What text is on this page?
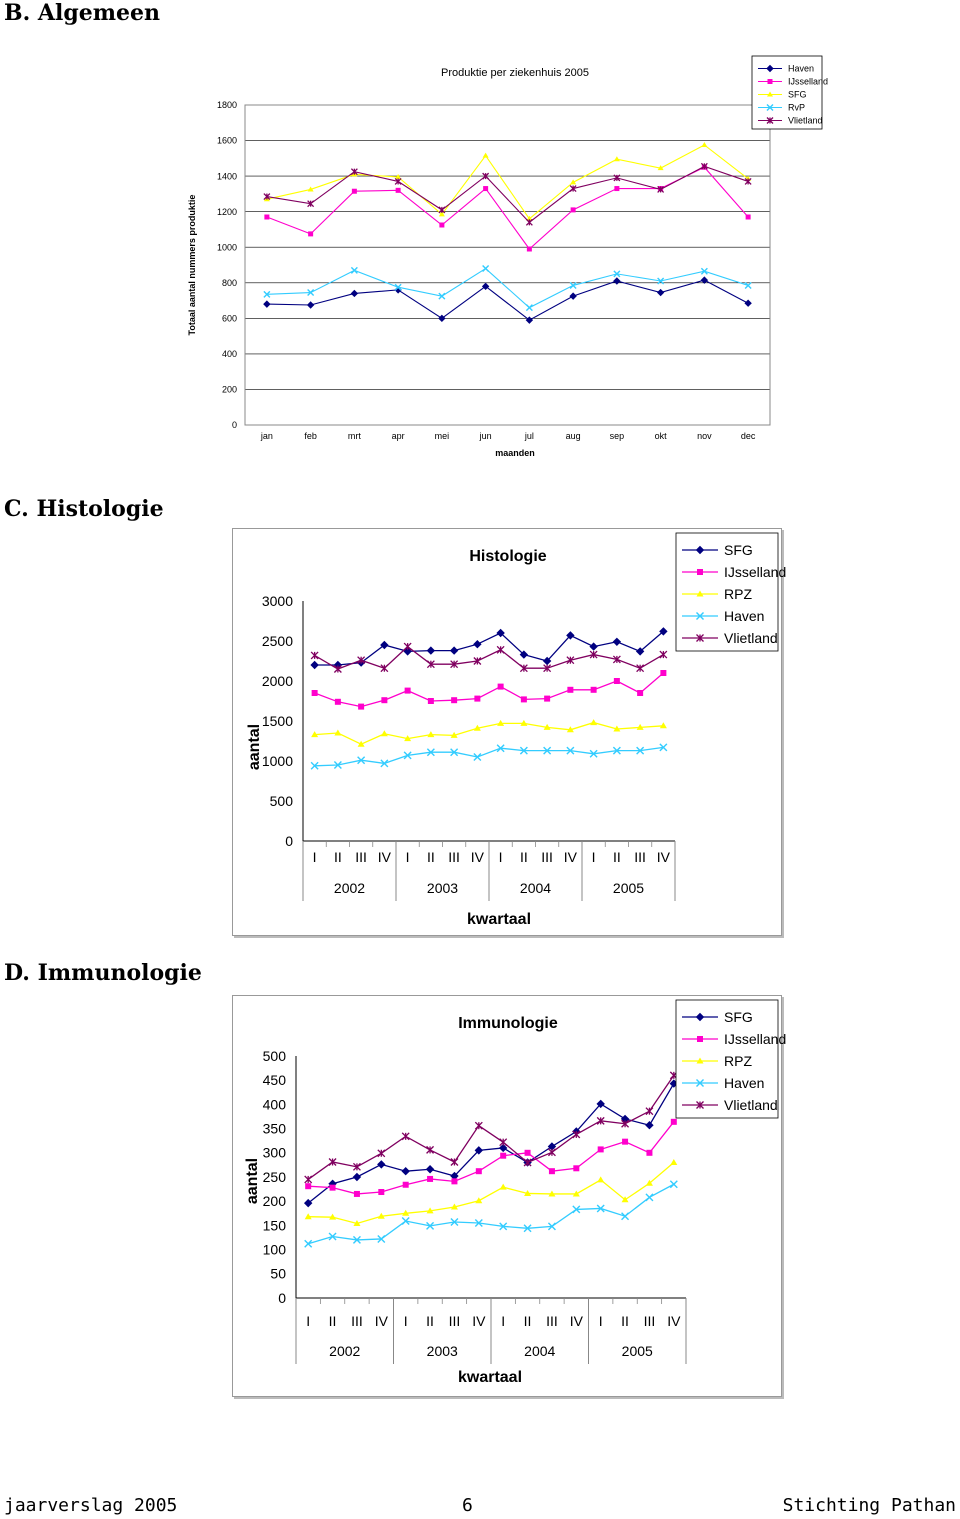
B. Algemeen
0
200
400
600
800
1000
1200
1400
1600
1800
jan	feb	mrt	apr	mei	jun	jul	aug	sep	okt	nov	dec
Produktie per ziekenhuis 2005
maanden
Totaal aantal nummers produktie
Haven
IJsselland
SFG
RvP
Vlietland
C. Histologie
0
500
1000
1500
2000
2500
3000
I II III IV I II III IV I II III IV I II III IV
2002	2003	2004	2005
Histologie
kwartaal
aantal
SFG
IJsselland
RPZ
Haven
Vlietland
D. Immunologie
0
50
100
150
200
250
300
350
400
450
500
I II III IV I II III IV I II III IV I II III IV
2002	2003	2004	2005
Immunologie
kwartaal
aantal
SFG
IJsselland
RPZ
Haven
Vlietland
jaarverslag 2005	6	Stichting Pathan
